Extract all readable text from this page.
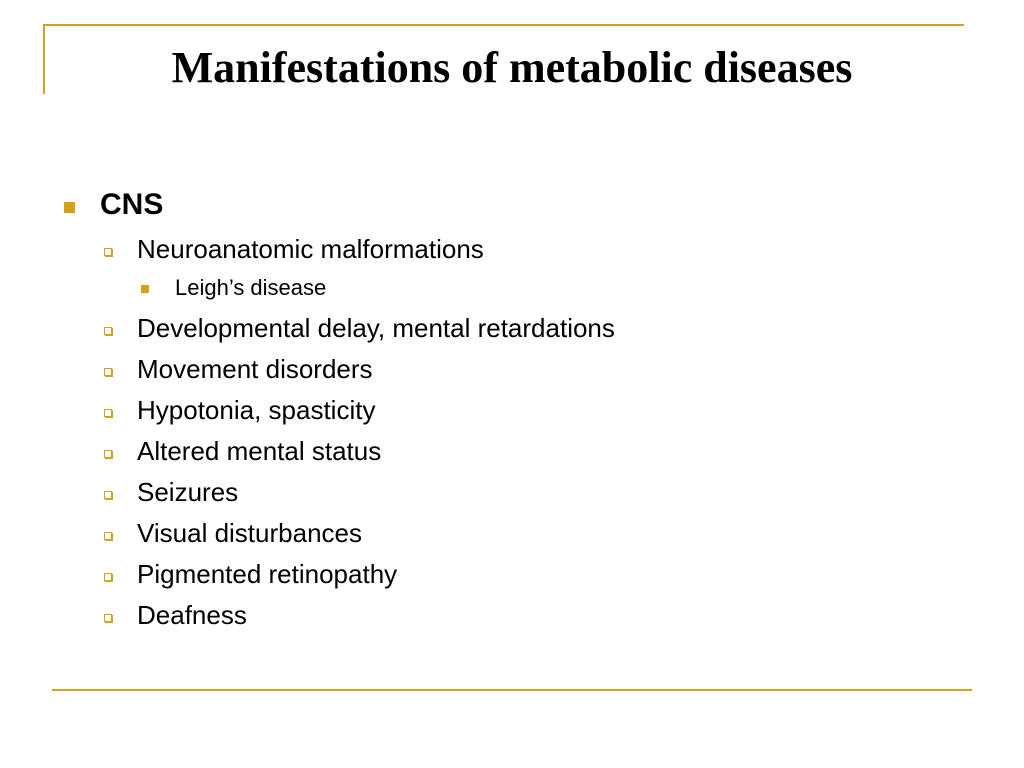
Manifestations of metabolic diseases
CNS
Neuroanatomic malformations
Leigh’s disease
Developmental delay, mental retardations
Movement disorders
Hypotonia, spasticity
Altered mental status
Seizures
Visual disturbances
Pigmented retinopathy
Deafness
